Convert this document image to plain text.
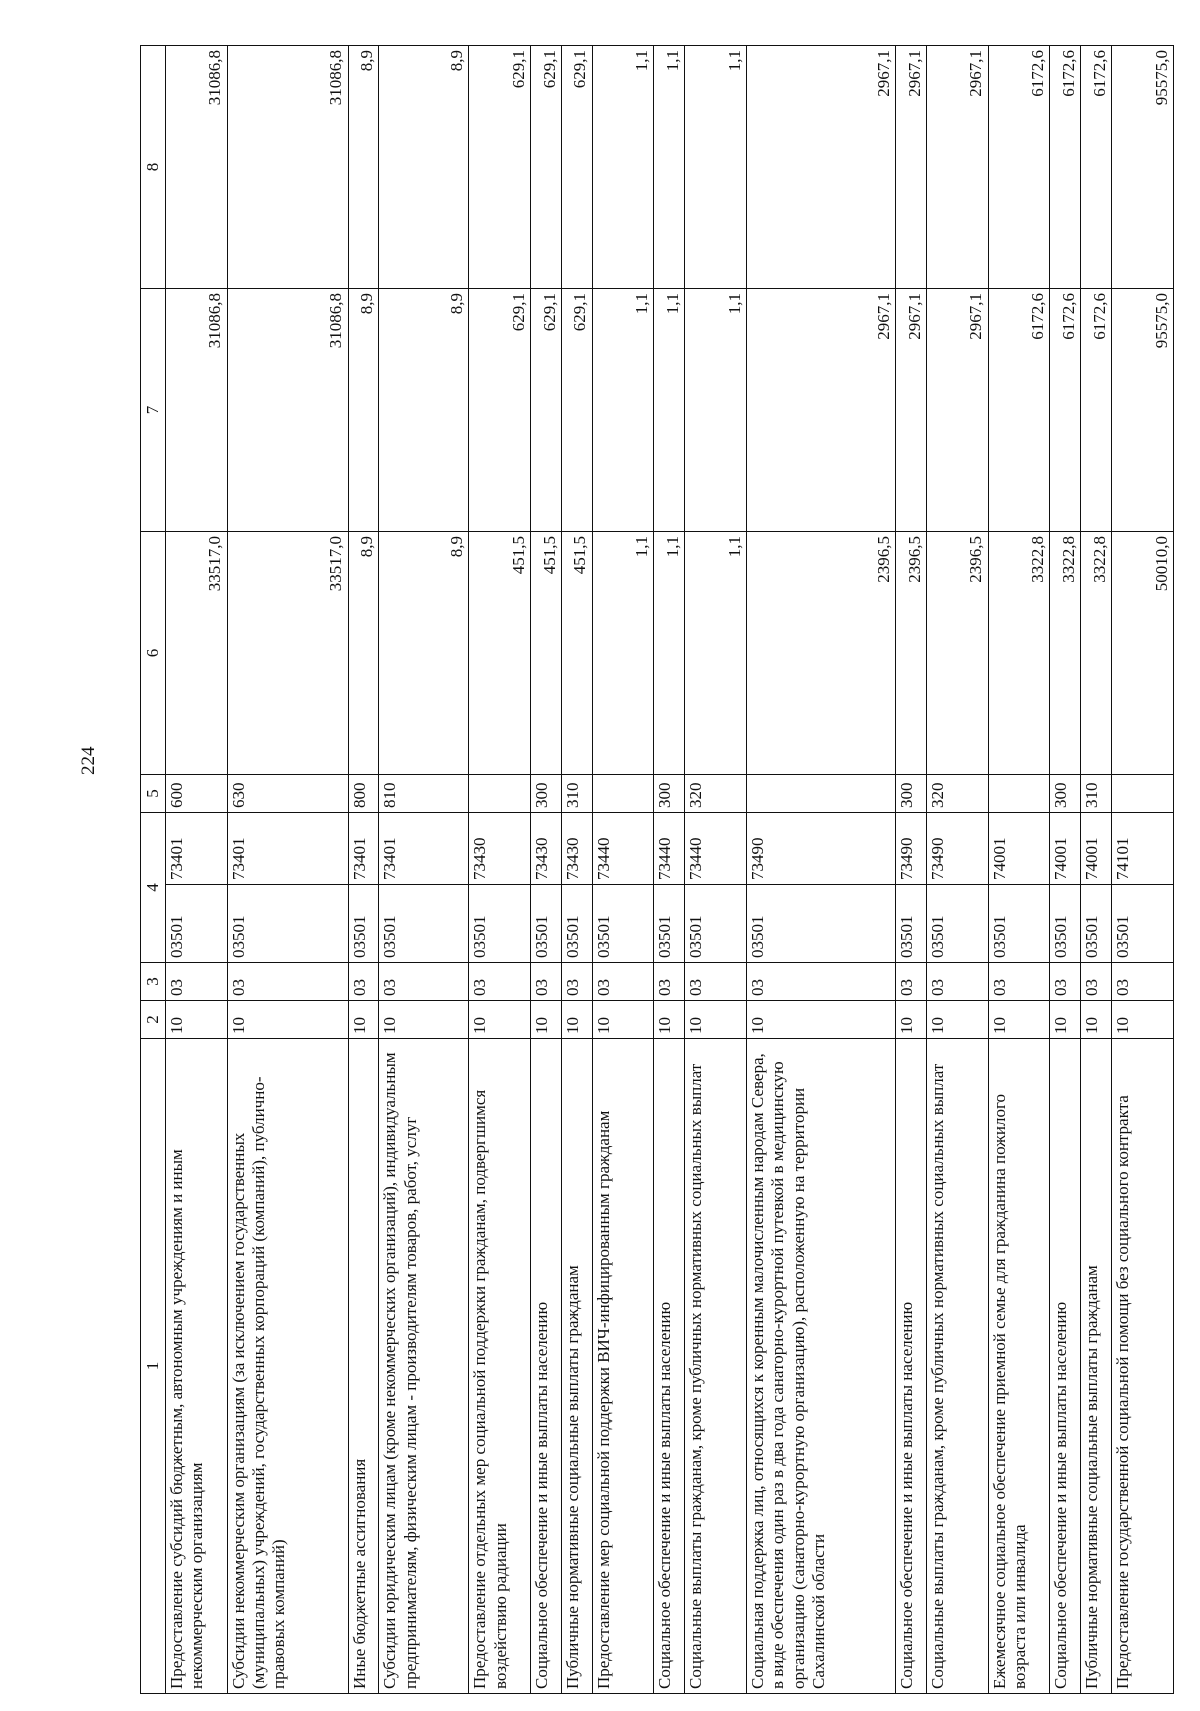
224
1	2	3	4		5	6	7	8
Предоставление субсидий бюджетным, автономным учреждениям и иным некоммерческим организациям	10	03	03501	73401	600	33517,0	31086,8	31086,8
Субсидии некоммерческим организациям (за исключением государственных (муниципальных) учреждений, государственных корпораций (компаний), публично-правовых компаний)	10	03	03501	73401	630	33517,0	31086,8	31086,8
Иные бюджетные ассигнования	10	03	03501	73401	800	8,9	8,9	8,9
Субсидии юридическим лицам (кроме некоммерческих организаций), индивидуальным предпринимателям, физическим лицам - производителям товаров, работ, услуг	10	03	03501	73401	810	8,9	8,9	8,9
Предоставление отдельных мер социальной поддержки гражданам, подвергшимся воздействию радиации	10	03	03501	73430		451,5	629,1	629,1
Социальное обеспечение и иные выплаты населению	10	03	03501	73430	300	451,5	629,1	629,1
Публичные нормативные социальные выплаты гражданам	10	03	03501	73430	310	451,5	629,1	629,1
Предоставление мер социальной поддержки ВИЧ-инфицированным гражданам	10	03	03501	73440		1,1	1,1	1,1
Социальное обеспечение и иные выплаты населению	10	03	03501	73440	300	1,1	1,1	1,1
Социальные выплаты гражданам, кроме публичных нормативных социальных выплат	10	03	03501	73440	320	1,1	1,1	1,1
Социальная поддержка лиц, относящихся к коренным малочисленным народам Севера, в виде обеспечения один раз в два года санаторно-курортной путевкой в медицинскую организацию (санаторно-курортную организацию), расположенную на территории Сахалинской области	10	03	03501	73490		2396,5	2967,1	2967,1
Социальное обеспечение и иные выплаты населению	10	03	03501	73490	300	2396,5	2967,1	2967,1
Социальные выплаты гражданам, кроме публичных нормативных социальных выплат	10	03	03501	73490	320	2396,5	2967,1	2967,1
Ежемесячное социальное обеспечение приемной семье для гражданина пожилого возраста или инвалида	10	03	03501	74001		3322,8	6172,6	6172,6
Социальное обеспечение и иные выплаты населению	10	03	03501	74001	300	3322,8	6172,6	6172,6
Публичные нормативные социальные выплаты гражданам	10	03	03501	74001	310	3322,8	6172,6	6172,6
Предоставление государственной социальной помощи без социального контракта	10	03	03501	74101		50010,0	95575,0	95575,0
